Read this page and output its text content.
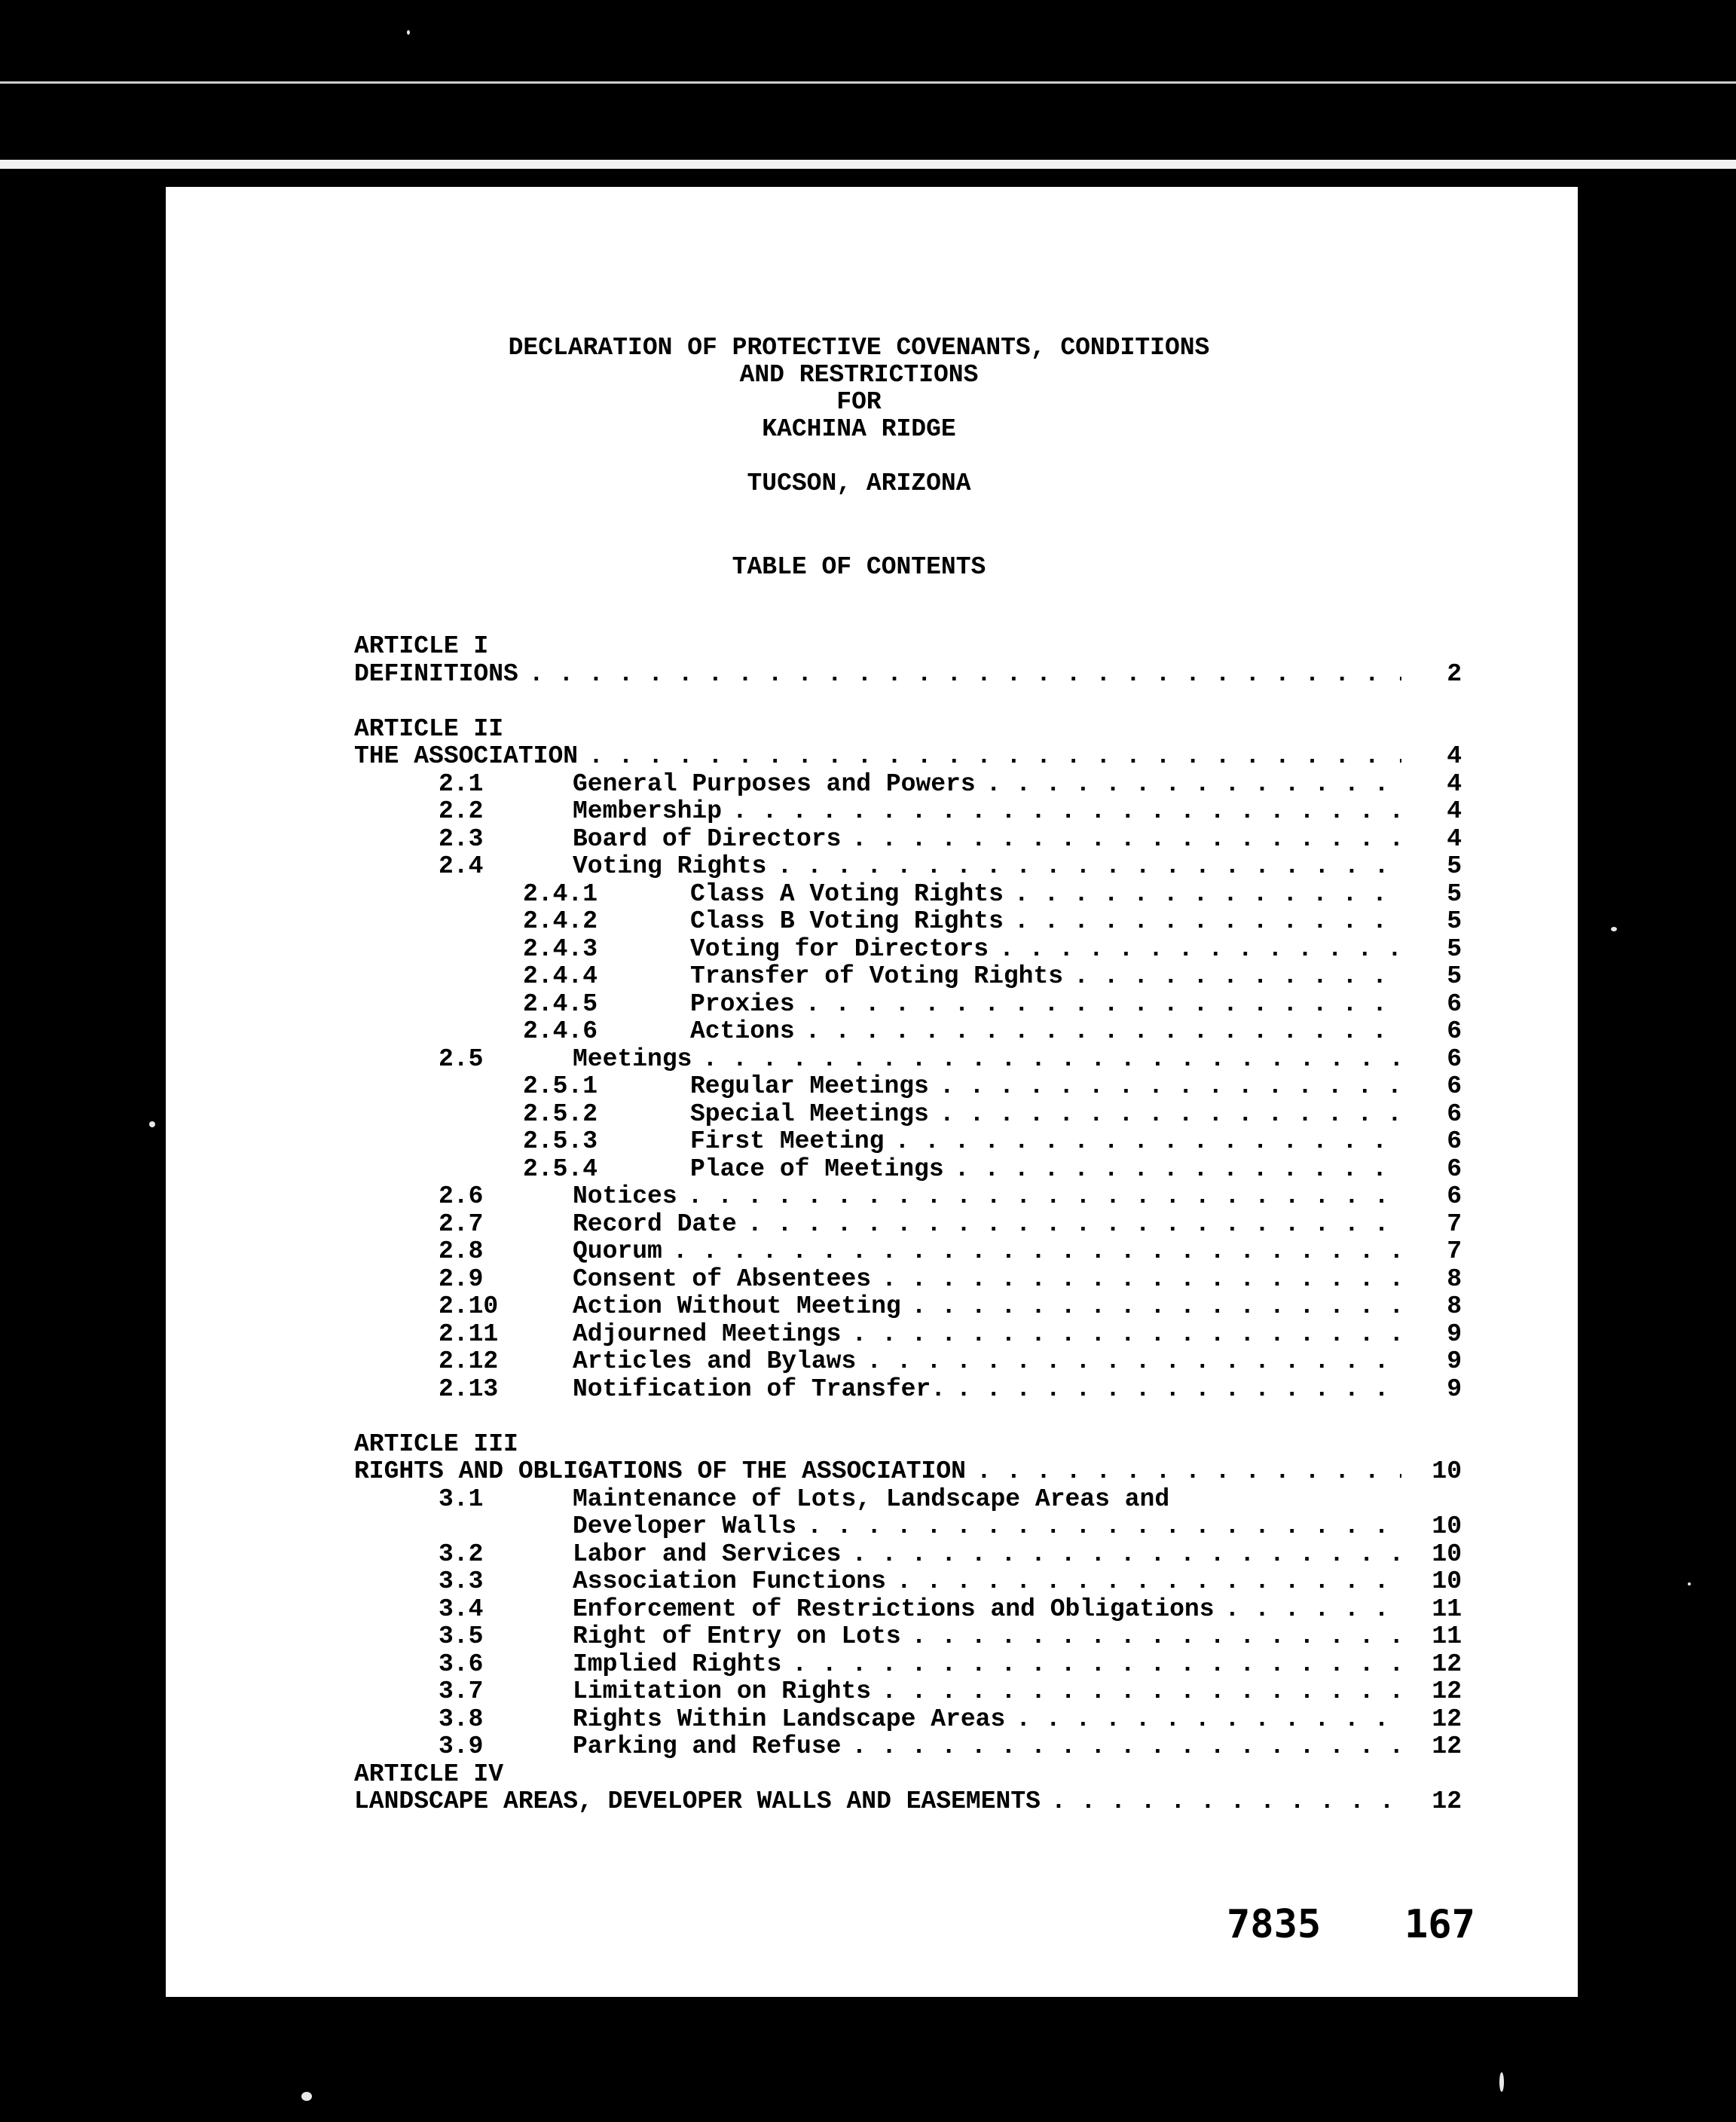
DECLARATION OF PROTECTIVE COVENANTS, CONDITIONS
AND RESTRICTIONS
FOR
KACHINA RIDGE
TUCSON, ARIZONA
TABLE OF CONTENTS
ARTICLE I
DEFINITIONS . . .	2
ARTICLE II
THE ASSOCIATION . . .	4
2.1	General Purposes and Powers . . .	4
2.2	Membership . . .	4
2.3	Board of Directors . . .	4
2.4	Voting Rights . . .	5
2.4.1	Class A Voting Rights . . .	5
2.4.2	Class B Voting Rights . . .	5
2.4.3	Voting for Directors . . .	5
2.4.4	Transfer of Voting Rights . . .	5
2.4.5	Proxies . . .	6
2.4.6	Actions . . .	6
2.5	Meetings . . .	6
2.5.1	Regular Meetings . . .	6
2.5.2	Special Meetings . . .	6
2.5.3	First Meeting . . .	6
2.5.4	Place of Meetings . . .	6
2.6	Notices . . .	6
2.7	Record Date . . .	7
2.8	Quorum . . .	7
2.9	Consent of Absentees . . .	8
2.10	Action Without Meeting . . .	8
2.11	Adjourned Meetings . . .	9
2.12	Articles and Bylaws . . .	9
2.13	Notification of Transfer. . . .	9
ARTICLE III
RIGHTS AND OBLIGATIONS OF THE ASSOCIATION . . .	10
3.1	Maintenance of Lots, Landscape Areas and
Developer Walls . . .	10
3.2	Labor and Services . . .	10
3.3	Association Functions . . .	10
3.4	Enforcement of Restrictions and Obligations . . .	11
3.5	Right of Entry on Lots . . .	11
3.6	Implied Rights . . .	12
3.7	Limitation on Rights . . .	12
3.8	Rights Within Landscape Areas . . .	12
3.9	Parking and Refuse . . .	12
ARTICLE IV
LANDSCAPE AREAS, DEVELOPER WALLS AND EASEMENTS . . .	12
7835 167
